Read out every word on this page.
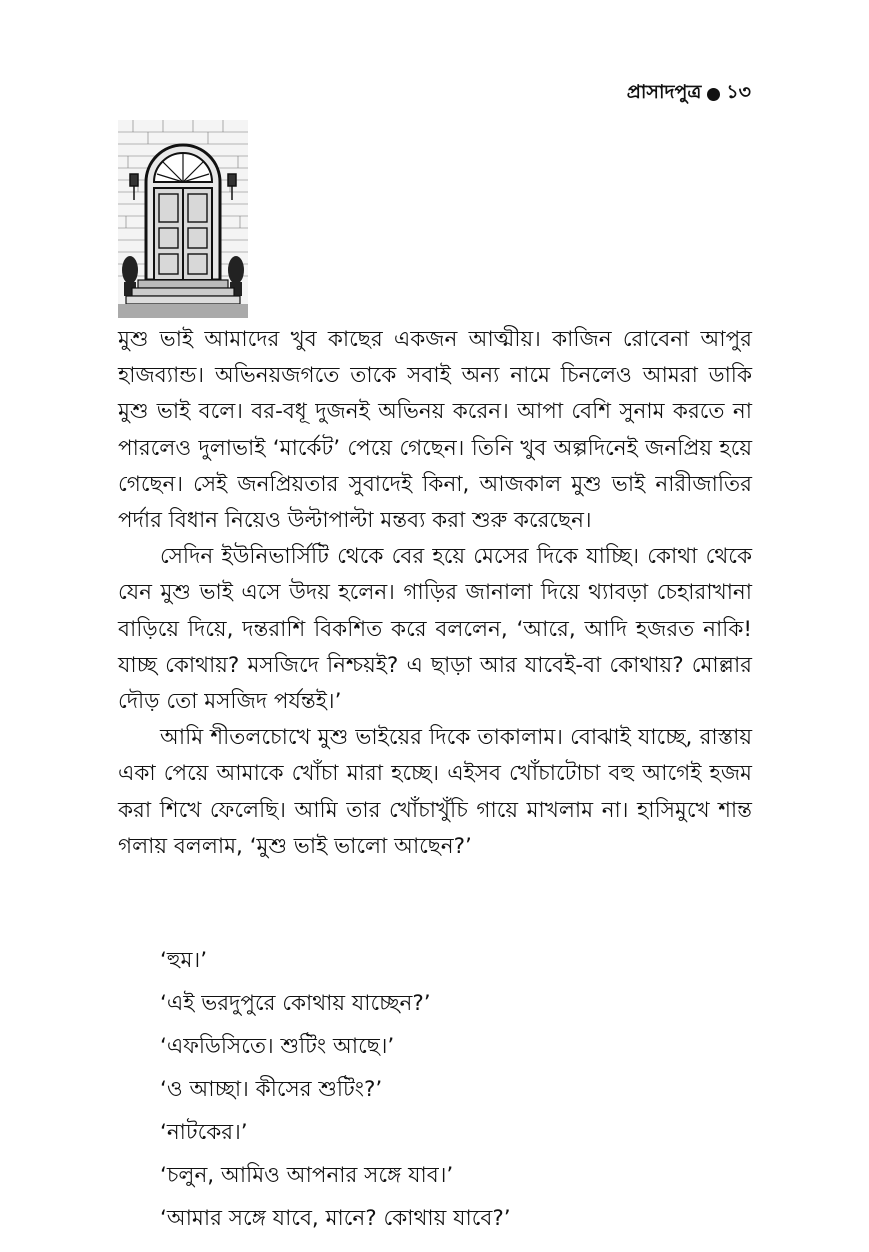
প্রাসাদপুত্র ১৩

মুশু ভাই আমাদের খুব কাছের একজন আত্মীয়। কাজিন রোবেনা আপুর হাজব্যান্ড। অভিনয়জগতে তাকে সবাই অন্য নামে চিনলেও আমরা ডাকি মুশু ভাই বলে। বর-বধূ দুজনই অভিনয় করেন। আপা বেশি সুনাম করতে না পারলেও দুলাভাই ‘মার্কেট’ পেয়ে গেছেন। তিনি খুব অল্পদিনেই জনপ্রিয় হয়ে গেছেন। সেই জনপ্রিয়তার সুবাদেই কিনা, আজকাল মুশু ভাই নারীজাতির পর্দার বিধান নিয়েও উল্টাপাল্টা মন্তব্য করা শুরু করেছেন।

সেদিন ইউনিভার্সিটি থেকে বের হয়ে মেসের দিকে যাচ্ছি। কোথা থেকে যেন মুশু ভাই এসে উদয় হলেন। গাড়ির জানালা দিয়ে থ্যাবড়া চেহারাখানা বাড়িয়ে দিয়ে, দন্তরাশি বিকশিত করে বললেন, ‘আরে, আদি হজরত নাকি! যাচ্ছ কোথায়? মসজিদে নিশ্চয়ই? এ ছাড়া আর যাবেই-বা কোথায়? মোল্লার দৌড় তো মসজিদ পর্যন্তই।’

আমি শীতলচোখে মুশু ভাইয়ের দিকে তাকালাম। বোঝাই যাচ্ছে, রাস্তায় একা পেয়ে আমাকে খোঁচা মারা হচ্ছে। এইসব খোঁচাটোচা বহু আগেই হজম করা শিখে ফেলেছি। আমি তার খোঁচাখুঁচি গায়ে মাখলাম না। হাসিমুখে শান্ত গলায় বললাম, ‘মুশু ভাই ভালো আছেন?’

‘হুম।’
‘এই ভরদুপুরে কোথায় যাচ্ছেন?’
‘এফডিসিতে। শুটিং আছে।’
‘ও আচ্ছা। কীসের শুটিং?’
‘নাটকের।’
‘চলুন, আমিও আপনার সঙ্গে যাব।’
‘আমার সঙ্গে যাবে, মানে? কোথায় যাবে?’
